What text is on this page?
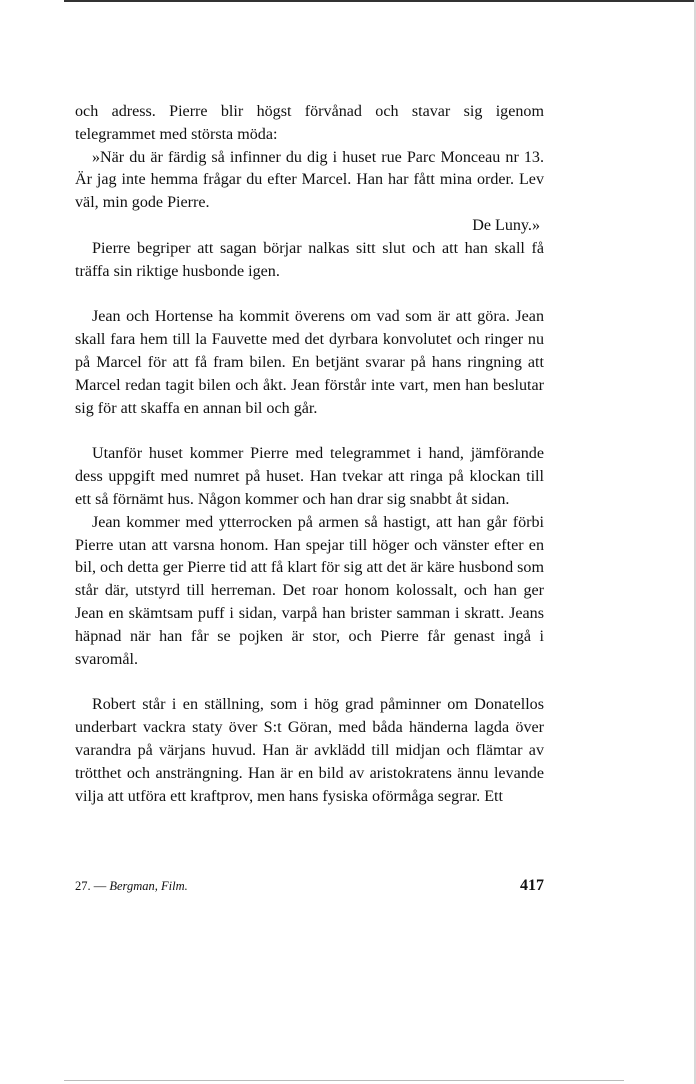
och adress. Pierre blir högst förvånad och stavar sig igenom telegrammet med största möda:

»När du är färdig så infinner du dig i huset rue Parc Monceau nr 13. Är jag inte hemma frågar du efter Marcel. Han har fått mina order. Lev väl, min gode Pierre.

De Luny.»

Pierre begriper att sagan börjar nalkas sitt slut och att han skall få träffa sin riktige husbonde igen.

Jean och Hortense ha kommit överens om vad som är att göra. Jean skall fara hem till la Fauvette med det dyrbara konvolutet och ringer nu på Marcel för att få fram bilen. En betjänt svarar på hans ringning att Marcel redan tagit bilen och åkt. Jean förstår inte vart, men han beslutar sig för att skaffa en annan bil och går.

Utanför huset kommer Pierre med telegrammet i hand, jämförande dess uppgift med numret på huset. Han tvekar att ringa på klockan till ett så förnämt hus. Någon kommer och han drar sig snabbt åt sidan.

Jean kommer med ytterrocken på armen så hastigt, att han går förbi Pierre utan att varsna honom. Han spejar till höger och vänster efter en bil, och detta ger Pierre tid att få klart för sig att det är käre husbond som står där, utstyrd till herreman. Det roar honom kolossalt, och han ger Jean en skämtsam puff i sidan, varpå han brister samman i skratt. Jeans häpnad när han får se pojken är stor, och Pierre får genast ingå i svaromål.

Robert står i en ställning, som i hög grad påminner om Donatellos underbart vackra staty över S:t Göran, med båda händerna lagda över varandra på värjans huvud. Han är avklädd till midjan och flämtar av trötthet och ansträngning. Han är en bild av aristokratens ännu levande vilja att utföra ett kraftprov, men hans fysiska oförmåga segrar. Ett

27. — Bergman, Film.	417
